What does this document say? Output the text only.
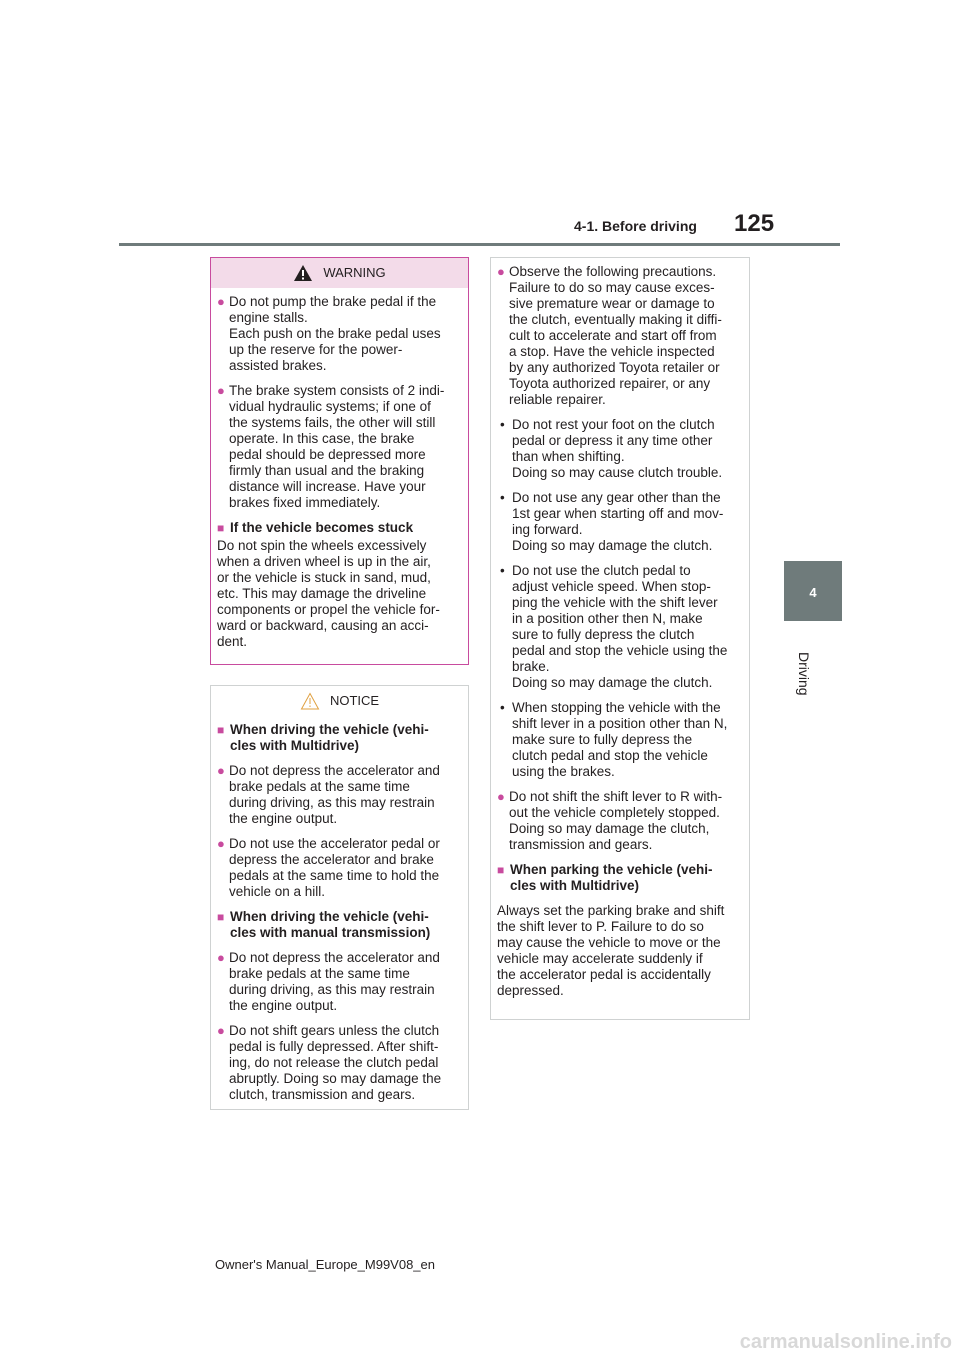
4-1. Before driving 125
4
Driving
WARNING
● Do not pump the brake pedal if the
engine stalls.
Each push on the brake pedal uses
up the reserve for the power-
assisted brakes.
● The brake system consists of 2 indi-
vidual hydraulic systems; if one of
the systems fails, the other will still
operate. In this case, the brake
pedal should be depressed more
firmly than usual and the braking
distance will increase. Have your
brakes fixed immediately.
■ If the vehicle becomes stuck
Do not spin the wheels excessively
when a driven wheel is up in the air,
or the vehicle is stuck in sand, mud,
etc. This may damage the driveline
components or propel the vehicle for-
ward or backward, causing an acci-
dent.
NOTICE
■ When driving the vehicle (vehi-
cles with Multidrive)
● Do not depress the accelerator and
brake pedals at the same time
during driving, as this may restrain
the engine output.
● Do not use the accelerator pedal or
depress the accelerator and brake
pedals at the same time to hold the
vehicle on a hill.
■ When driving the vehicle (vehi-
cles with manual transmission)
● Do not depress the accelerator and
brake pedals at the same time
during driving, as this may restrain
the engine output.
● Do not shift gears unless the clutch
pedal is fully depressed. After shift-
ing, do not release the clutch pedal
abruptly. Doing so may damage the
clutch, transmission and gears.
● Observe the following precautions.
Failure to do so may cause exces-
sive premature wear or damage to
the clutch, eventually making it diffi-
cult to accelerate and start off from
a stop. Have the vehicle inspected
by any authorized Toyota retailer or
Toyota authorized repairer, or any
reliable repairer.
• Do not rest your foot on the clutch
pedal or depress it any time other
than when shifting.
Doing so may cause clutch trouble.
• Do not use any gear other than the
1st gear when starting off and mov-
ing forward.
Doing so may damage the clutch.
• Do not use the clutch pedal to
adjust vehicle speed. When stop-
ping the vehicle with the shift lever
in a position other then N, make
sure to fully depress the clutch
pedal and stop the vehicle using the
brake.
Doing so may damage the clutch.
• When stopping the vehicle with the
shift lever in a position other than N,
make sure to fully depress the
clutch pedal and stop the vehicle
using the brakes.
● Do not shift the shift lever to R with-
out the vehicle completely stopped.
Doing so may damage the clutch,
transmission and gears.
■ When parking the vehicle (vehi-
cles with Multidrive)
Always set the parking brake and shift
the shift lever to P. Failure to do so
may cause the vehicle to move or the
vehicle may accelerate suddenly if
the accelerator pedal is accidentally
depressed.
Owner's Manual_Europe_M99V08_en
carmanualsonline.info
